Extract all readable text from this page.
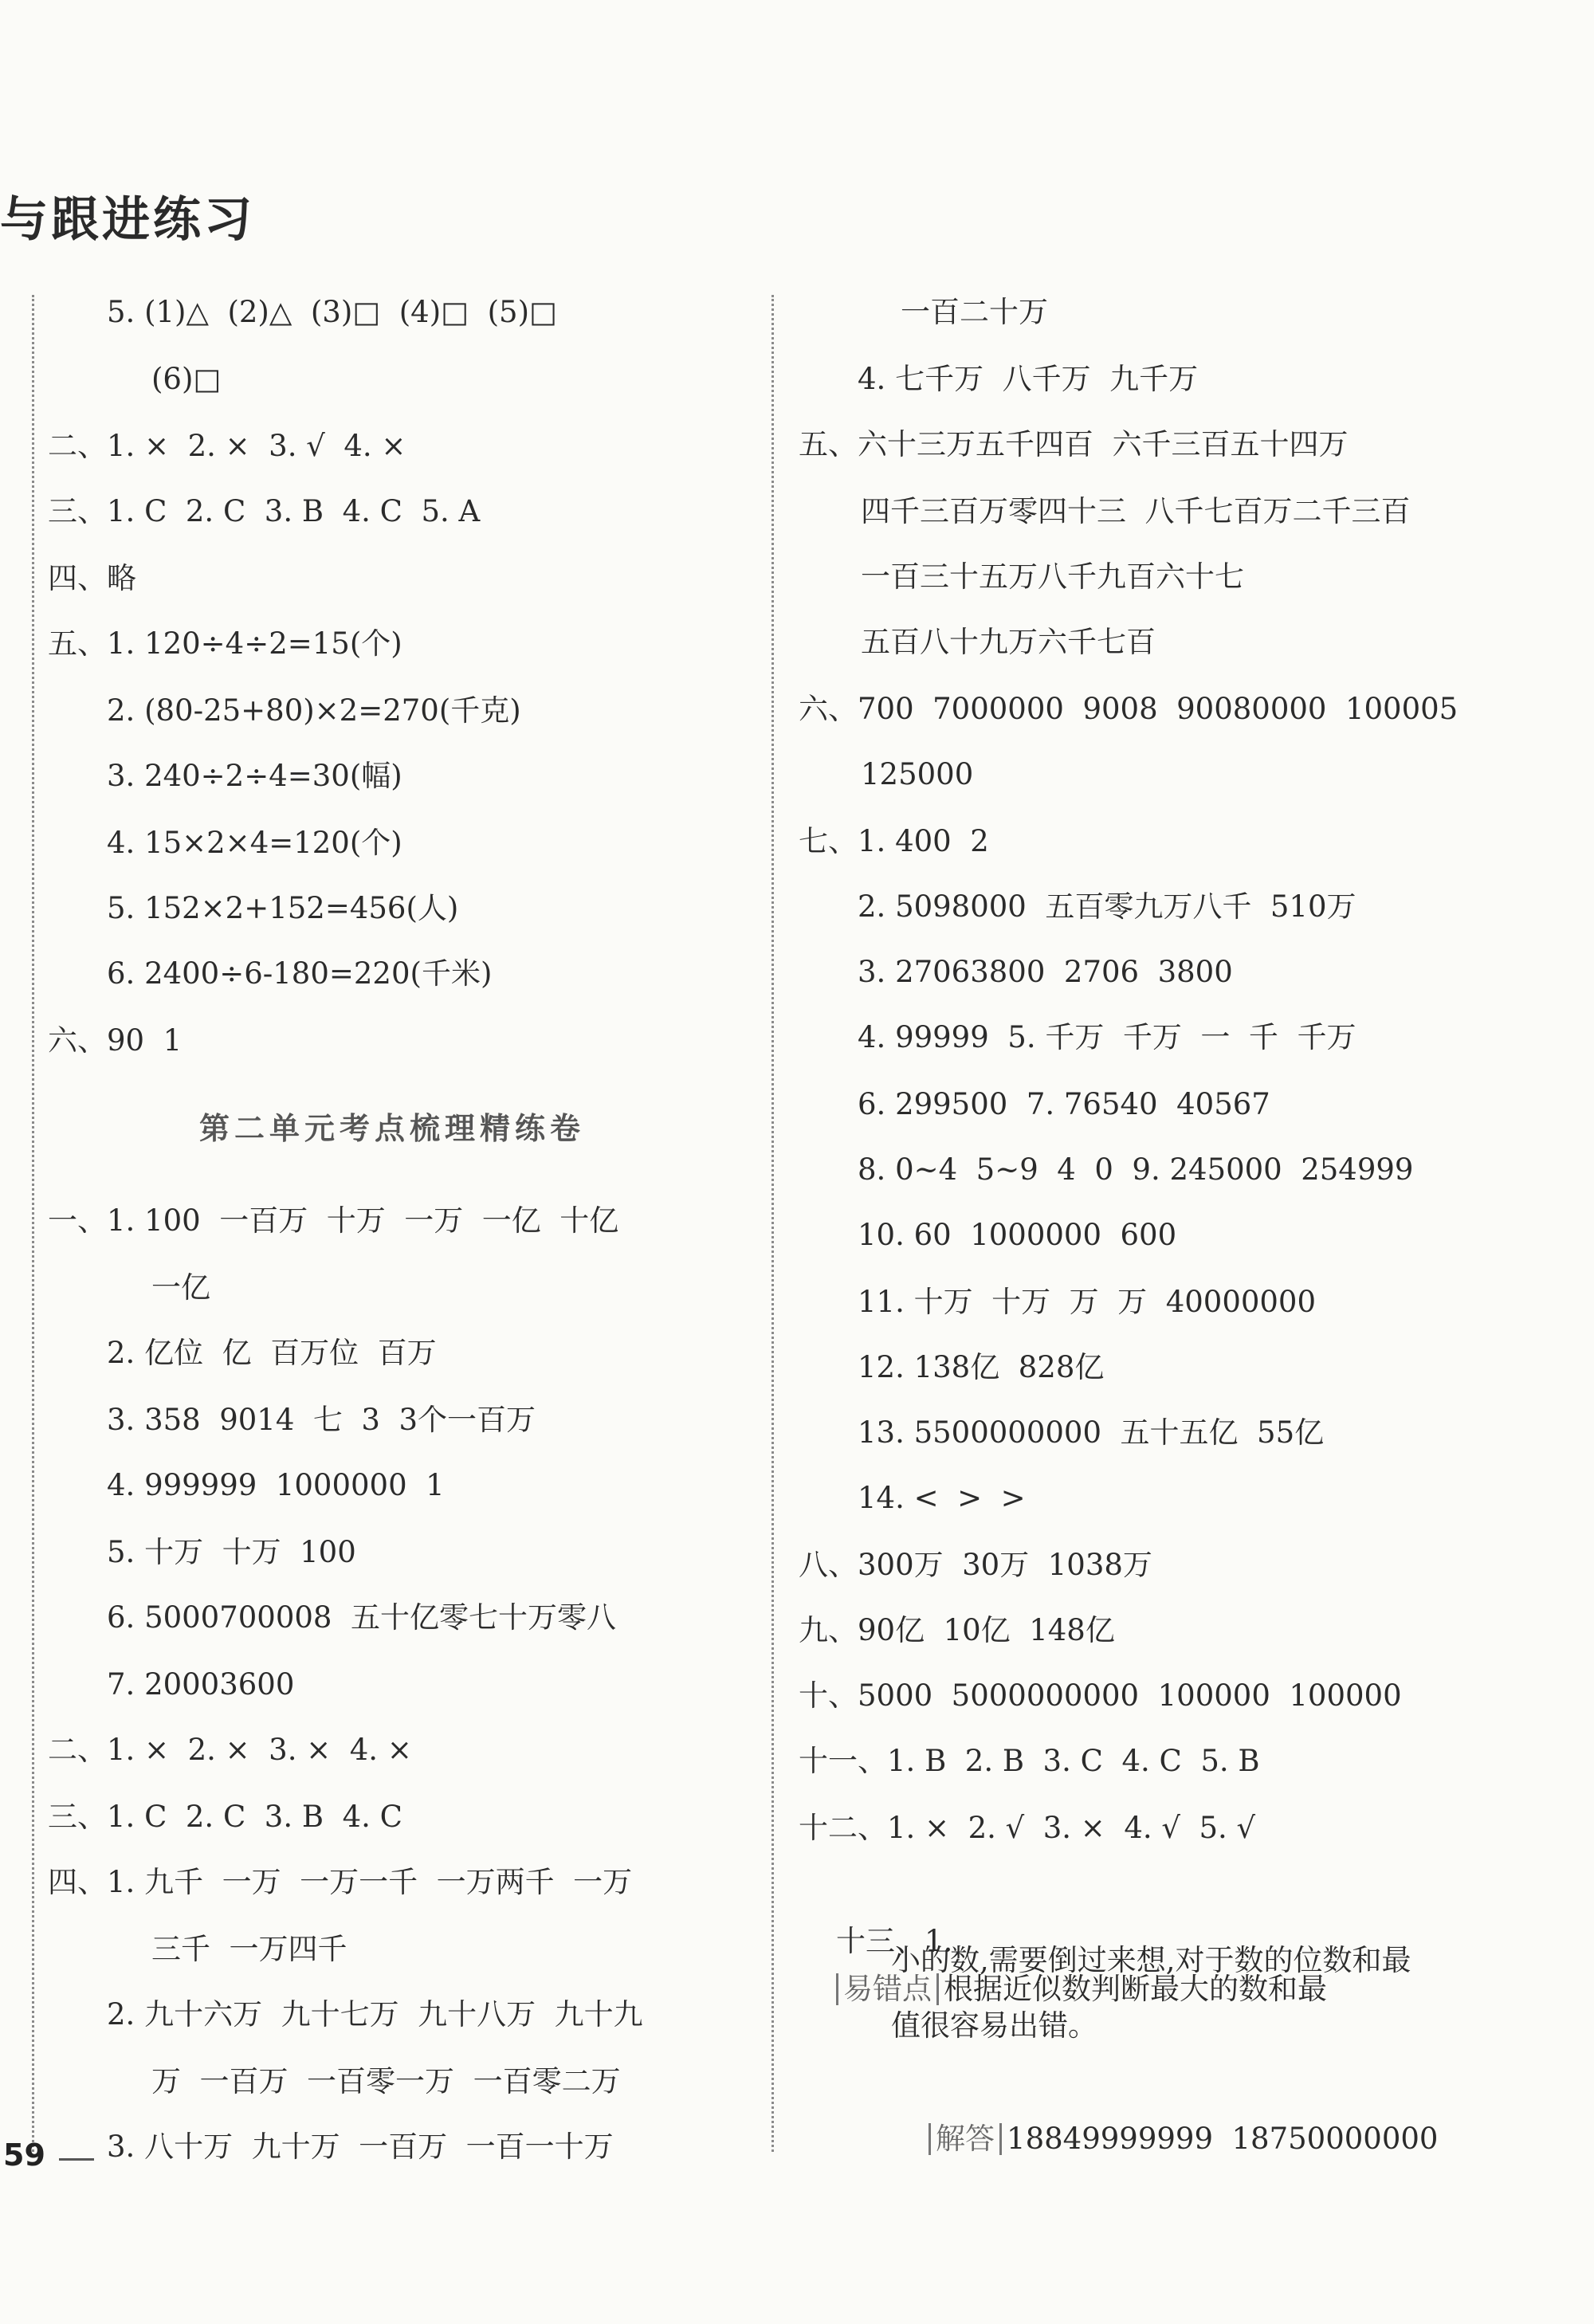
与跟进练习
5. (1)△  (2)△  (3)□  (4)□  (5)□
(6)□
二、1. ×  2. ×  3. √  4. ×
三、1. C  2. C  3. B  4. C  5. A
四、略
五、1. 120÷4÷2=15(个)
2. (80-25+80)×2=270(千克)
3. 240÷2÷4=30(幅)
4. 15×2×4=120(个)
5. 152×2+152=456(人)
6. 2400÷6-180=220(千米)
六、90  1
一、1. 100  一百万  十万  一万  一亿  十亿
一亿
2. 亿位  亿  百万位  百万
3. 358  9014  七  3  3个一百万
4. 999999  1000000  1
5. 十万  十万  100
6. 5000700008  五十亿零七十万零八
7. 20003600
二、1. ×  2. ×  3. ×  4. ×
三、1. C  2. C  3. B  4. C
四、1. 九千  一万  一万一千  一万两千  一万
三千  一万四千
2. 九十六万  九十七万  九十八万  九十九
万  一百万  一百零一万  一百零二万
3. 八十万  九十万  一百万  一百一十万
第二单元考点梳理精练卷
一百二十万
4. 七千万  八千万  九千万
五、六十三万五千四百  六千三百五十四万
四千三百万零四十三  八千七百万二千三百
一百三十五万八千九百六十七
五百八十九万六千七百
六、700  7000000  9008  90080000  100005
125000
七、1. 400  2
2. 5098000  五百零九万八千  510万
3. 27063800  2706  3800
4. 99999  5. 千万  千万  一  千  千万
6. 299500  7. 76540  40567
8. 0~4  5~9  4  0  9. 245000  254999
10. 60  1000000  600
11. 十万  十万  万  万  40000000
12. 138亿  828亿
13. 5500000000  五十五亿  55亿
14. <  >  >
八、300万  30万  1038万
九、90亿  10亿  148亿
十、5000  5000000000  100000  100000
十一、1. B  2. B  3. C  4. C  5. B
十二、1. ×  2. √  3. ×  4. √  5. √

十三、1.
易错点 根据近似数判断最大的数和最

小的数,需要倒过来想,对于数的位数和最
值很容易出错。

解答 18849999999  18750000000

59
